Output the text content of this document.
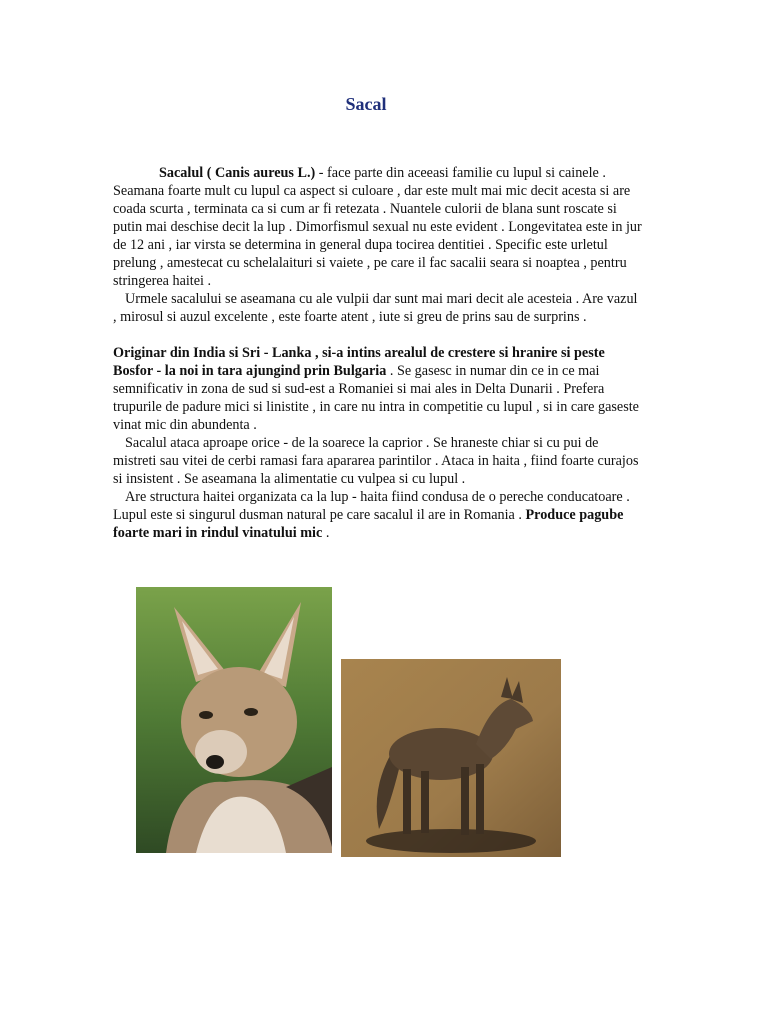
Sacal

Sacalul ( Canis aureus L.) - face parte din aceeasi familie cu lupul si cainele . Seamana foarte mult cu lupul ca aspect si culoare , dar este mult mai mic decit acesta si are coada scurta , terminata ca si cum ar fi retezata . Nuantele culorii de blana sunt roscate si putin mai deschise decit la lup . Dimorfismul sexual nu este evident . Longevitatea este in jur de 12 ani , iar virsta se determina in general dupa tocirea dentitiei . Specific este urletul prelung , amestecat cu schelalaituri si vaiete , pe care il fac sacalii seara si noaptea , pentru stringerea haitei .

Urmele sacalului se aseamana cu ale vulpii dar sunt mai mari decit ale acesteia . Are vazul , mirosul si auzul excelente , este foarte atent , iute si greu de prins sau de surprins .

Originar din India si Sri - Lanka , si-a intins arealul de crestere si hranire si peste Bosfor - la noi in tara ajungind prin Bulgaria . Se gasesc in numar din ce in ce mai semnificativ in zona de sud si sud-est a Romaniei si mai ales in Delta Dunarii . Prefera trupurile de padure mici si linistite , in care nu intra in competitie cu lupul , si in care gaseste vinat mic din abundenta .

Sacalul ataca aproape orice - de la soarece la caprior . Se hraneste chiar si cu pui de mistreti sau vitei de cerbi ramasi fara apararea parintilor . Ataca in haita , fiind foarte curajos si insistent . Se aseamana la alimentatie cu vulpea si cu lupul .

Are structura haitei organizata ca la lup - haita fiind condusa de o pereche conducatoare . Lupul este si singurul dusman natural pe care sacalul il are in Romania . Produce pagube foarte mari in rindul vinatului mic .
